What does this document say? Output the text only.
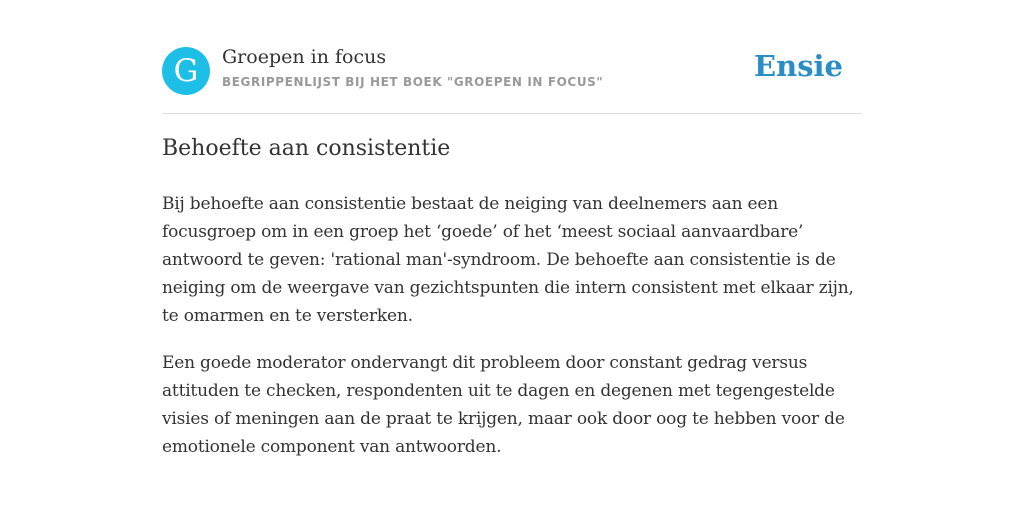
G	Groepen in focus
BEGRIPPENLIJST BIJ HET BOEK "GROEPEN IN FOCUS"	Ensie
Behoefte aan consistentie

Bij behoefte aan consistentie bestaat de neiging van deelnemers aan een focusgroep om in een groep het ‘goede’ of het ‘meest sociaal aanvaardbare’ antwoord te geven: 'rational man'-syndroom. De behoefte aan consistentie is de neiging om de weergave van gezichtspunten die intern consistent met elkaar zijn, te omarmen en te versterken.

Een goede moderator ondervangt dit probleem door constant gedrag versus attituden te checken, respondenten uit te dagen en degenen met tegengestelde visies of meningen aan de praat te krijgen, maar ook door oog te hebben voor de emotionele component van antwoorden.
